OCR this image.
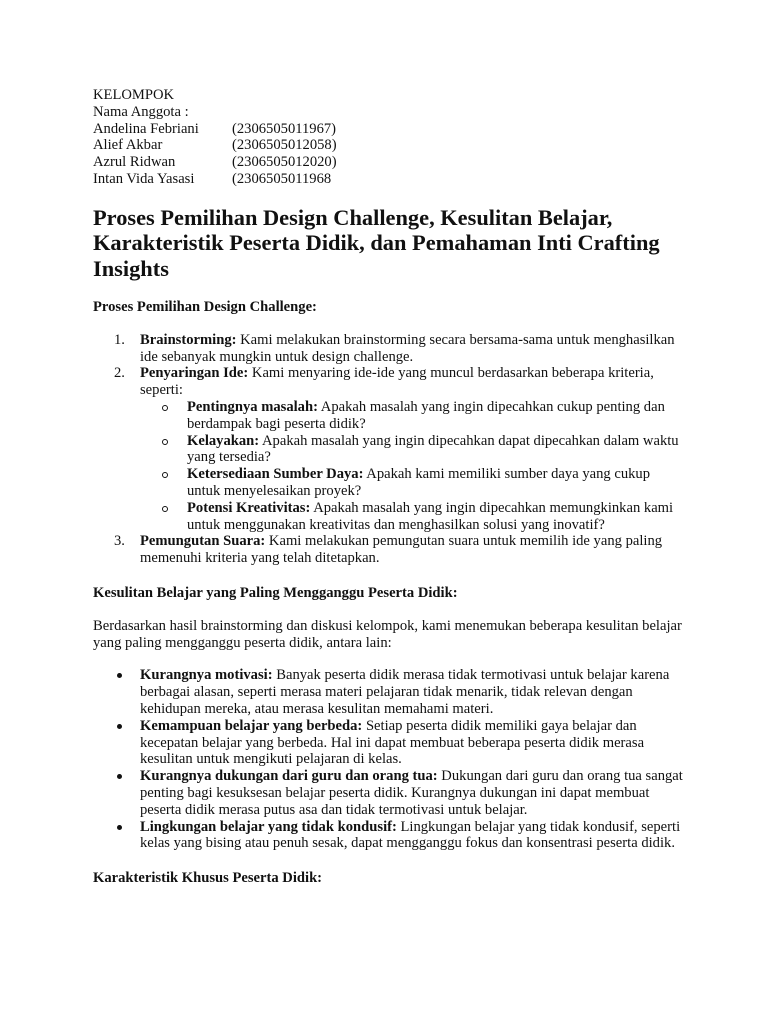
KELOMPOK
Nama Anggota :
Andelina Febriani	(2306505011967)
Alief Akbar	(2306505012058)
Azrul Ridwan	(2306505012020)
Intan Vida Yasasi	(2306505011968
Proses Pemilihan Design Challenge, Kesulitan Belajar, Karakteristik Peserta Didik, dan Pemahaman Inti Crafting Insights
Proses Pemilihan Design Challenge:
1. Brainstorming: Kami melakukan brainstorming secara bersama-sama untuk menghasilkan ide sebanyak mungkin untuk design challenge.
2. Penyaringan Ide: Kami menyaring ide-ide yang muncul berdasarkan beberapa kriteria, seperti:
Pentingnya masalah: Apakah masalah yang ingin dipecahkan cukup penting dan berdampak bagi peserta didik?
Kelayakan: Apakah masalah yang ingin dipecahkan dapat dipecahkan dalam waktu yang tersedia?
Ketersediaan Sumber Daya: Apakah kami memiliki sumber daya yang cukup untuk menyelesaikan proyek?
Potensi Kreativitas: Apakah masalah yang ingin dipecahkan memungkinkan kami untuk menggunakan kreativitas dan menghasilkan solusi yang inovatif?
3. Pemungutan Suara: Kami melakukan pemungutan suara untuk memilih ide yang paling memenuhi kriteria yang telah ditetapkan.
Kesulitan Belajar yang Paling Mengganggu Peserta Didik:

Berdasarkan hasil brainstorming dan diskusi kelompok, kami menemukan beberapa kesulitan belajar yang paling mengganggu peserta didik, antara lain:

Kurangnya motivasi: Banyak peserta didik merasa tidak termotivasi untuk belajar karena berbagai alasan, seperti merasa materi pelajaran tidak menarik, tidak relevan dengan kehidupan mereka, atau merasa kesulitan memahami materi.
Kemampuan belajar yang berbeda: Setiap peserta didik memiliki gaya belajar dan kecepatan belajar yang berbeda. Hal ini dapat membuat beberapa peserta didik merasa kesulitan untuk mengikuti pelajaran di kelas.
Kurangnya dukungan dari guru dan orang tua: Dukungan dari guru dan orang tua sangat penting bagi kesuksesan belajar peserta didik. Kurangnya dukungan ini dapat membuat peserta didik merasa putus asa dan tidak termotivasi untuk belajar.
Lingkungan belajar yang tidak kondusif: Lingkungan belajar yang tidak kondusif, seperti kelas yang bising atau penuh sesak, dapat mengganggu fokus dan konsentrasi peserta didik.
Karakteristik Khusus Peserta Didik:
